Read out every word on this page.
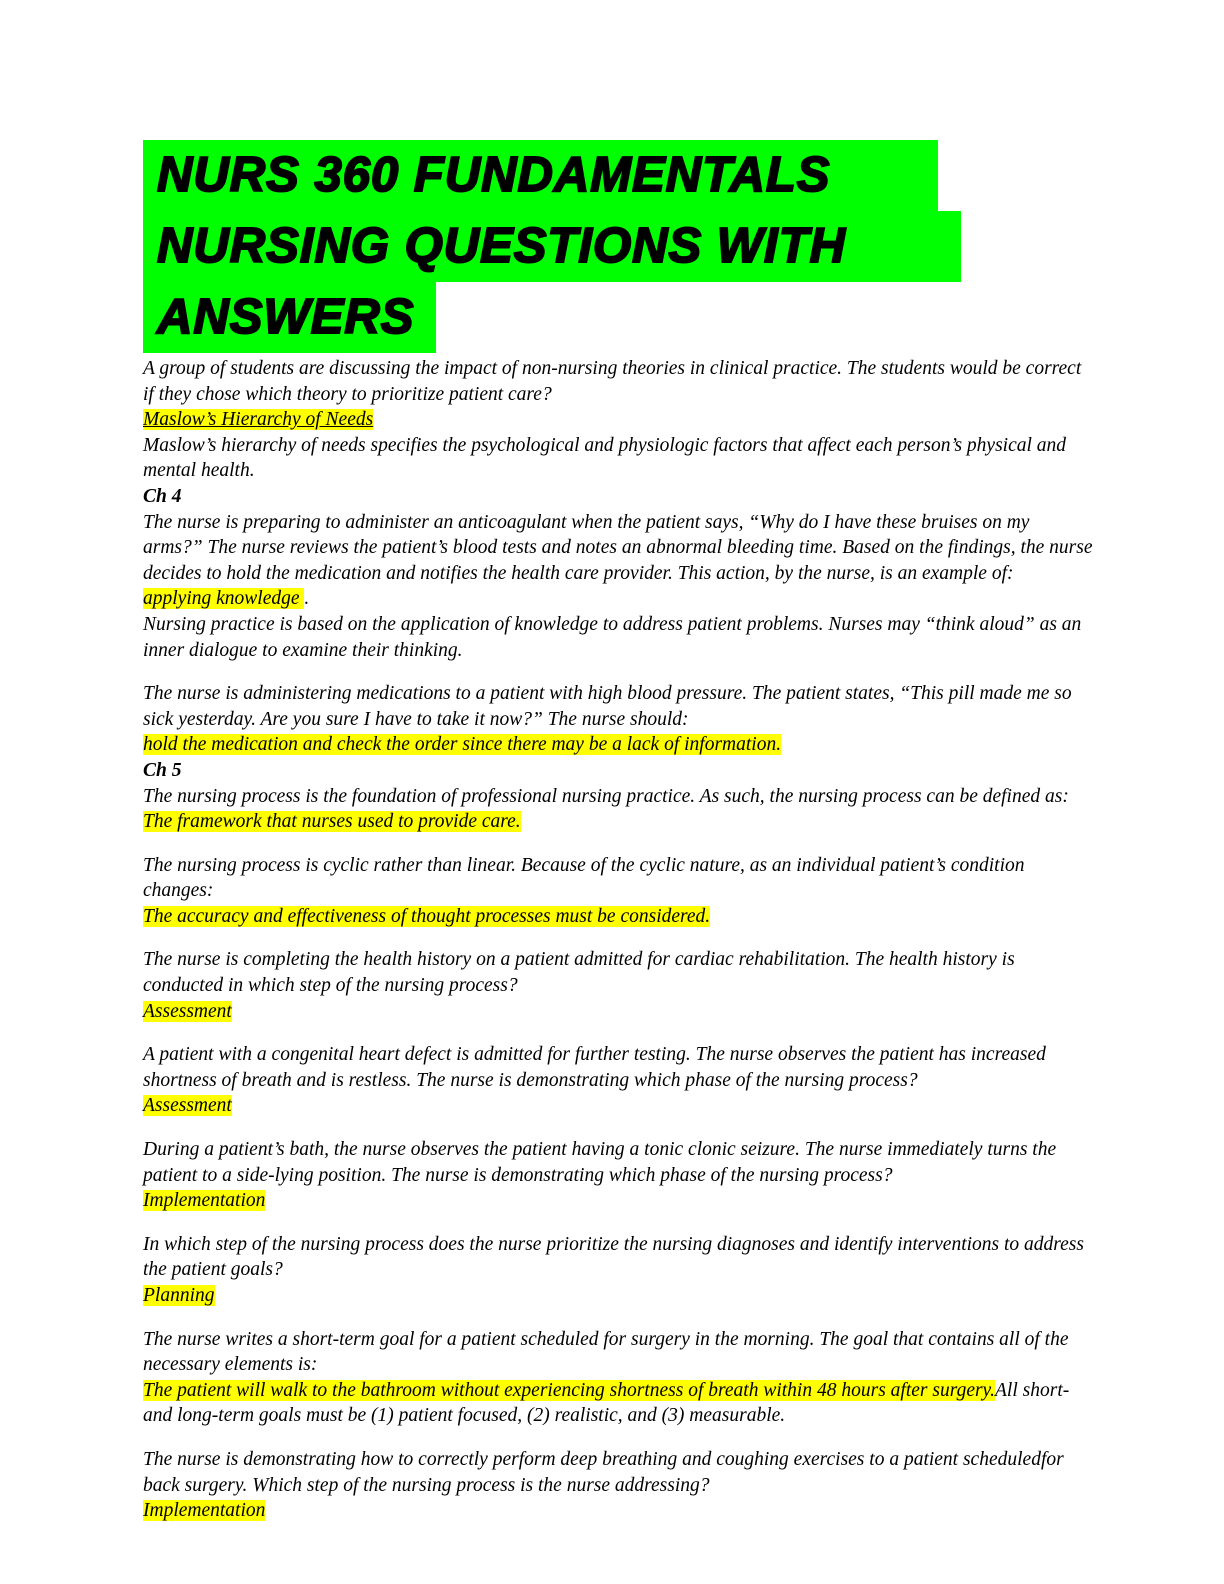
NURS 360 FUNDAMENTALS
NURSING QUESTIONS WITH
ANSWERS

A group of students are discussing the impact of non-nursing theories in clinical practice. The students would be correct if they chose which theory to prioritize patient care?

Maslow’s Hierarchy of Needs

Maslow’s hierarchy of needs specifies the psychological and physiologic factors that affect each person’s physical and mental health.

Ch 4

The nurse is preparing to administer an anticoagulant when the patient says, “Why do I have these bruises on my arms?” The nurse reviews the patient’s blood tests and notes an abnormal bleeding time. Based on the findings, the nurse decides to hold the medication and notifies the health care provider. This action, by the nurse, is an example of:

applying knowledge .

Nursing practice is based on the application of knowledge to address patient problems. Nurses may “think aloud” as an inner dialogue to examine their thinking.

The nurse is administering medications to a patient with high blood pressure. The patient states, “This pill made me so sick yesterday. Are you sure I have to take it now?” The nurse should:

hold the medication and check the order since there may be a lack of information.

Ch 5

The nursing process is the foundation of professional nursing practice. As such, the nursing process can be defined as:

The framework that nurses used to provide care.

The nursing process is cyclic rather than linear. Because of the cyclic nature, as an individual patient’s condition changes:

The accuracy and effectiveness of thought processes must be considered.

The nurse is completing the health history on a patient admitted for cardiac rehabilitation. The health history is conducted in which step of the nursing process?

Assessment

A patient with a congenital heart defect is admitted for further testing. The nurse observes the patient has increased shortness of breath and is restless. The nurse is demonstrating which phase of the nursing process?

Assessment

During a patient’s bath, the nurse observes the patient having a tonic clonic seizure. The nurse immediately turns the patient to a side-lying position. The nurse is demonstrating which phase of the nursing process?

Implementation

In which step of the nursing process does the nurse prioritize the nursing diagnoses and identify interventions to address the patient goals?

Planning

The nurse writes a short-term goal for a patient scheduled for surgery in the morning. The goal that contains all of the necessary elements is:

The patient will walk to the bathroom without experiencing shortness of breath within 48 hours after surgery.All short- and long-term goals must be (1) patient focused, (2) realistic, and (3) measurable.

The nurse is demonstrating how to correctly perform deep breathing and coughing exercises to a patient scheduledfor back surgery. Which step of the nursing process is the nurse addressing?

Implementation
